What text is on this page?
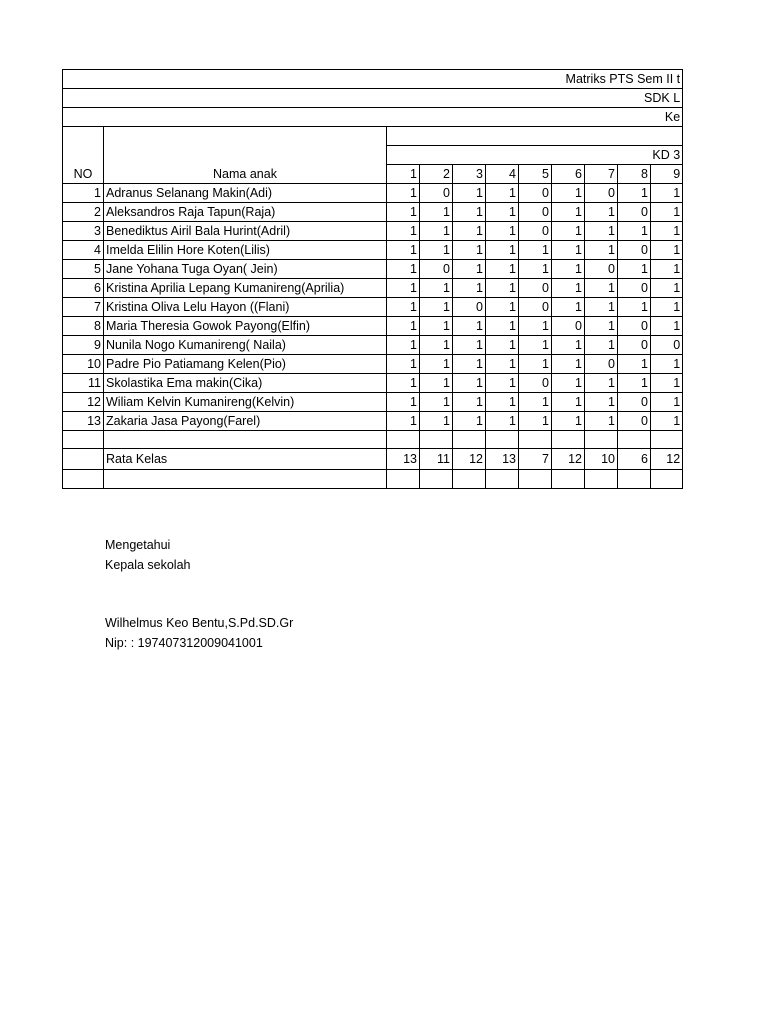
Matriks PTS Sem II t										
SDK L										
Ke										
NO	Nama anak									
		KD 3								
		1	2	3	4	5	6	7	8	9
1	Adranus Selanang Makin(Adi)	1	0	1	1	0	1	0	1	1
2	Aleksandros Raja Tapun(Raja)	1	1	1	1	0	1	1	0	1
3	Benediktus Airil Bala Hurint(Adril)	1	1	1	1	0	1	1	1	1
4	Imelda Elilin Hore Koten(Lilis)	1	1	1	1	1	1	1	0	1
5	Jane Yohana Tuga Oyan( Jein)	1	0	1	1	1	1	0	1	1
6	Kristina Aprilia Lepang Kumanireng(Aprilia)	1	1	1	1	0	1	1	0	1
7	Kristina Oliva Lelu Hayon ((Flani)	1	1	0	1	0	1	1	1	1
8	Maria Theresia Gowok Payong(Elfin)	1	1	1	1	1	0	1	0	1
9	Nunila Nogo Kumanireng( Naila)	1	1	1	1	1	1	1	0	0
10	Padre Pio Patiamang Kelen(Pio)	1	1	1	1	1	1	0	1	1
11	Skolastika Ema makin(Cika)	1	1	1	1	0	1	1	1	1
12	Wiliam Kelvin Kumanireng(Kelvin)	1	1	1	1	1	1	1	0	1
13	Zakaria Jasa Payong(Farel)	1	1	1	1	1	1	1	0	1

	Rata Kelas	13	11	12	13	7	12	10	6	12

Mengetahui
Kepala sekolah
Wilhelmus Keo Bentu,S.Pd.SD.Gr
Nip: : 197407312009041001
